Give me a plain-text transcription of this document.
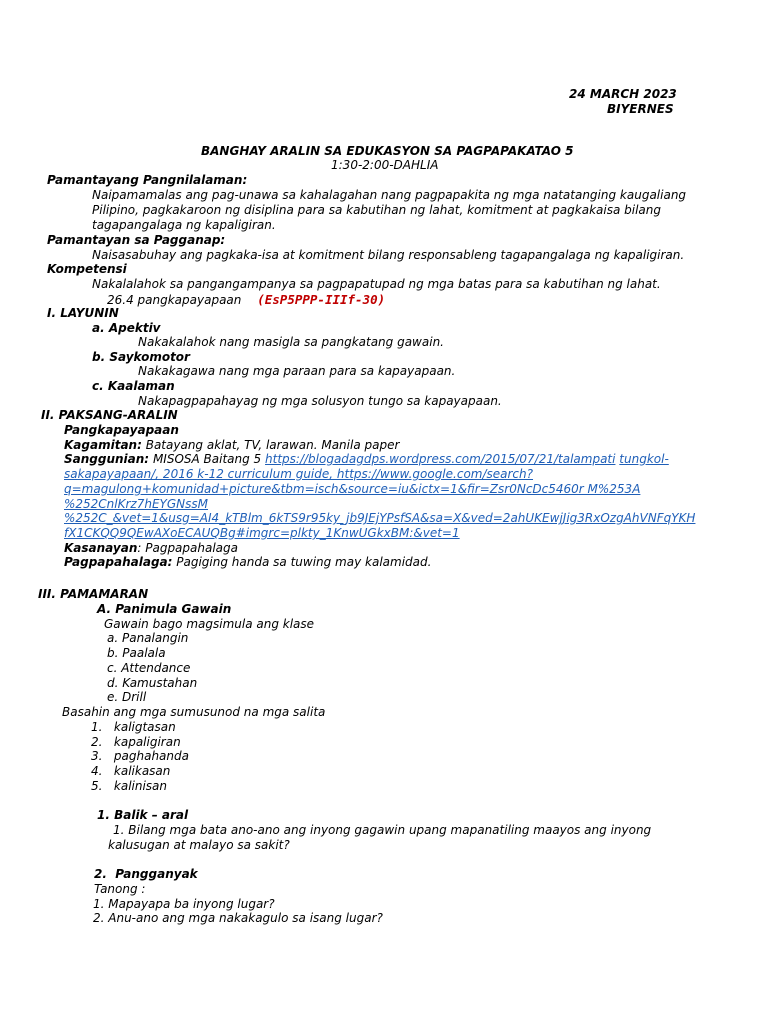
24 MARCH 2023
BIYERNES
BANGHAY ARALIN SA EDUKASYON SA PAGPAPAKATAO 5
1:30-2:00-DAHLIA
Pamantayang Pangnilalaman:
Naipamamalas ang pag-unawa sa kahalagahan nang pagpapakita ng mga natatanging kaugaliang
Pilipino, pagkakaroon ng disiplina para sa kabutihan ng lahat, komitment at pagkakaisa bilang
tagapangalaga ng kapaligiran.
Pamantayan sa Pagganap:
Naisasabuhay ang pagkaka-isa at komitment bilang responsableng tagapangalaga ng kapaligiran.
Kompetensi
Nakalalahok sa pangangampanya sa pagpapatupad ng mga batas para sa kabutihan ng lahat.
26.4 pangkapayapaan (EsP5PPP-IIIf-30)
I. LAYUNIN
a. Apektiv
Nakakalahok nang masigla sa pangkatang gawain.
b. Saykomotor
Nakakagawa nang mga paraan para sa kapayapaan.
c. Kaalaman
Nakapagpapahayag ng mga solusyon tungo sa kapayapaan.
II. PAKSANG-ARALIN
Pangkapayapaan
Kagamitan: Batayang aklat, TV, larawan. Manila paper
Sanggunian: MISOSA Baitang 5 https://blogadagdps.wordpress.com/2015/07/21/talampati tungkol-
sakapayapaan/, 2016 k-12 curriculum guide, https://www.google.com/search?
q=magulong+komunidad+picture&tbm=isch&source=iu&ictx=1&fir=Zsr0NcDc5460r M%253A
%252CnlKrz7hEYGNssM
%252C_&vet=1&usg=AI4_kTBlm_6kTS9r95ky_jb9JEjYPsfSA&sa=X&ved=2ahUKEwjJig3RxOzgAhVNFqYKH
fX1CKQQ9QEwAXoECAUQBg#imgrc=plkty_1KnwUGkxBM:&vet=1
Kasanayan: Pagpapahalaga
Pagpapahalaga: Pagiging handa sa tuwing may kalamidad.
III. PAMAMARAN
A. Panimula Gawain
Gawain bago magsimula ang klase
a. Panalangin
b. Paalala
c. Attendance
d. Kamustahan
e. Drill
Basahin ang mga sumusunod na mga salita
1.   kaligtasan
2.   kapaligiran
3.   paghahanda
4.   kalikasan
5.   kalinisan
1. Balik – aral
1. Bilang mga bata ano-ano ang inyong gagawin upang mapanatiling maayos ang inyong
kalusugan at malayo sa sakit?
2.  Pangganyak
Tanong :
1. Mapayapa ba inyong lugar?
2. Anu-ano ang mga nakakagulo sa isang lugar?
